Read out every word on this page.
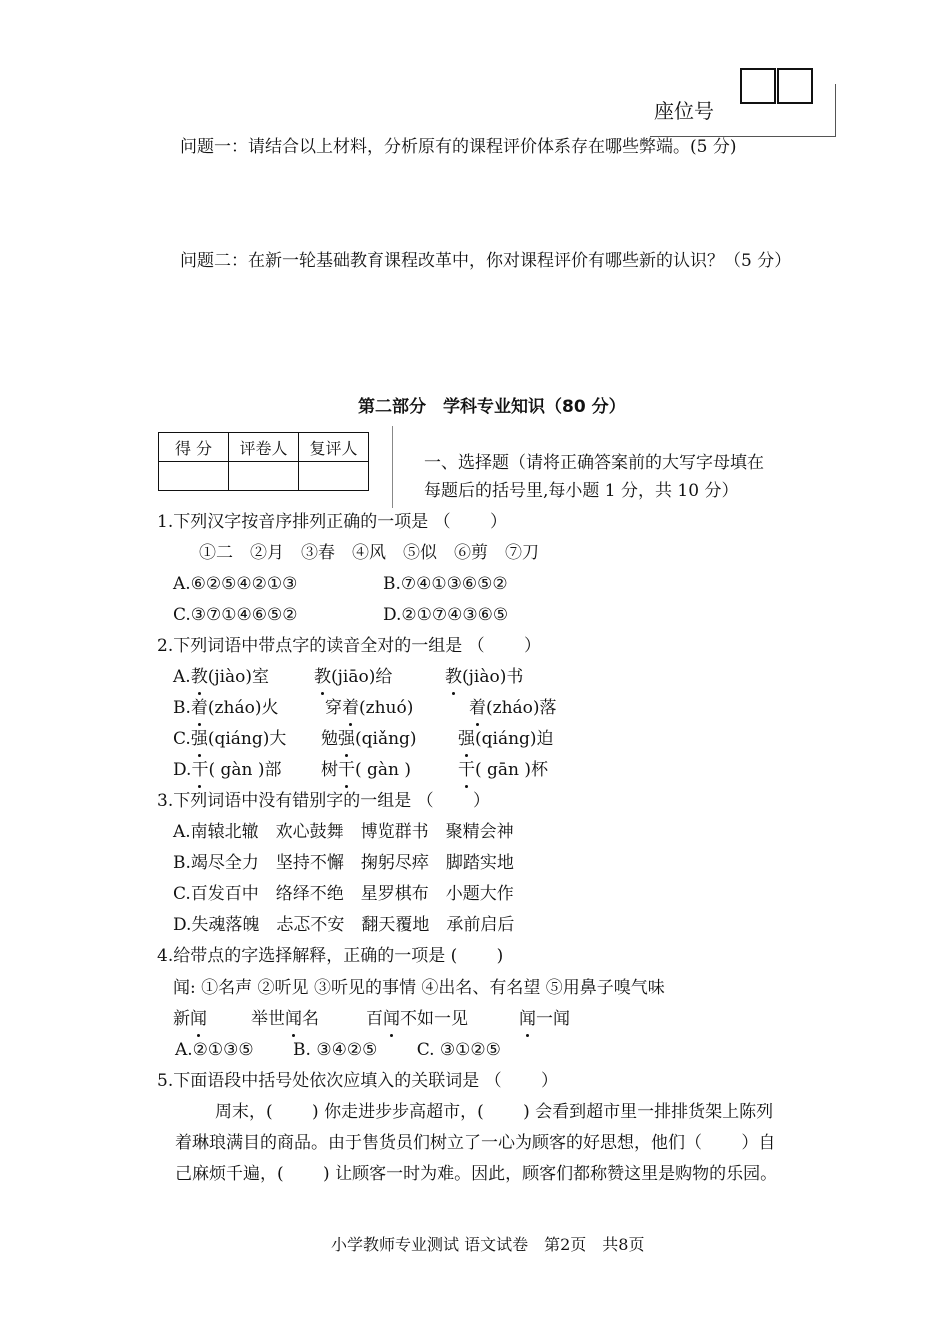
座位号
问题一：请结合以上材料，分析原有的课程评价体系存在哪些弊端。(5 分)
问题二：在新一轮基础教育课程改革中，你对课程评价有哪些新的认识？（5 分）
第二部分　学科专业知识（80 分）
得 分	评卷人	复评人

一、选择题（请将正确答案前的大写字母填在
每题后的括号里,每小题 1 分，共 10 分）
1.下列汉字按音序排列正确的一项是 （　　 ）
①二　②月　③春　④风　⑤似　⑥剪　⑦刀
A.⑥②⑤④②①③	B.⑦④①③⑥⑤②
C.③⑦①④⑥⑤②	D.②①⑦④③⑥⑤
2.下列词语中带点字的读音全对的一组是 （　　 ）
A.教(jiào)室	教(jiāo)给	教(jiào)书
B.着(zháo)火	穿着(zhuó)	着(zháo)落
C.强(qiáng)大 勉强(qiǎng) 强(qiáng)迫
D.干( gàn )部 树干( gàn )	干( gān )杯
3.下列词语中没有错别字的一组是 （　　 ）
A.南辕北辙　欢心鼓舞　博览群书　聚精会神
B.竭尽全力　坚持不懈　掬躬尽瘁　脚踏实地
C.百发百中　络绎不绝　星罗棋布　小题大作
D.失魂落魄　忐忑不安　翻天覆地　承前启后
4.给带点的字选择解释，正确的一项是 (　　 )
闻: ①名声 ②听见 ③听见的事情 ④出名、有名望 ⑤用鼻子嗅气味
新闻	举世闻名	百闻不如一见	闻一闻
A.②①③⑤　　 B. ③④②⑤　　 C. ③①②⑤
5.下面语段中括号处依次应填入的关联词是 （　　 ）
周末，(　　 ) 你走进步步高超市，(　　 ) 会看到超市里一排排货架上陈列
着琳琅满目的商品。由于售货员们树立了一心为顾客的好思想，他们（　　 ）自
己麻烦千遍，(　　 ) 让顾客一时为难。因此，顾客们都称赞这里是购物的乐园。
小学教师专业测试 语文试卷　第2页　共8页
